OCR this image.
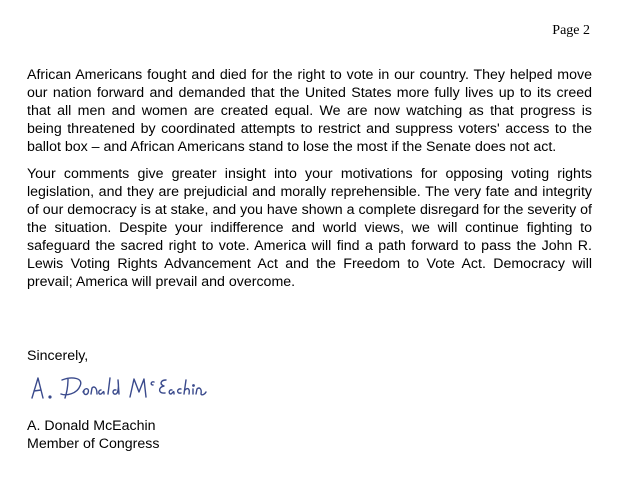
Page 2

African Americans fought and died for the right to vote in our country. They helped move our nation forward and demanded that the United States more fully lives up to its creed that all men and women are created equal. We are now watching as that progress is being threatened by coordinated attempts to restrict and suppress voters' access to the ballot box – and African Americans stand to lose the most if the Senate does not act.

Your comments give greater insight into your motivations for opposing voting rights legislation, and they are prejudicial and morally reprehensible. The very fate and integrity of our democracy is at stake, and you have shown a complete disregard for the severity of the situation. Despite your indifference and world views, we will continue fighting to safeguard the sacred right to vote. America will find a path forward to pass the John R. Lewis Voting Rights Advancement Act and the Freedom to Vote Act. Democracy will prevail; America will prevail and overcome.

Sincerely,
A. Donald McEachin
Member of Congress
